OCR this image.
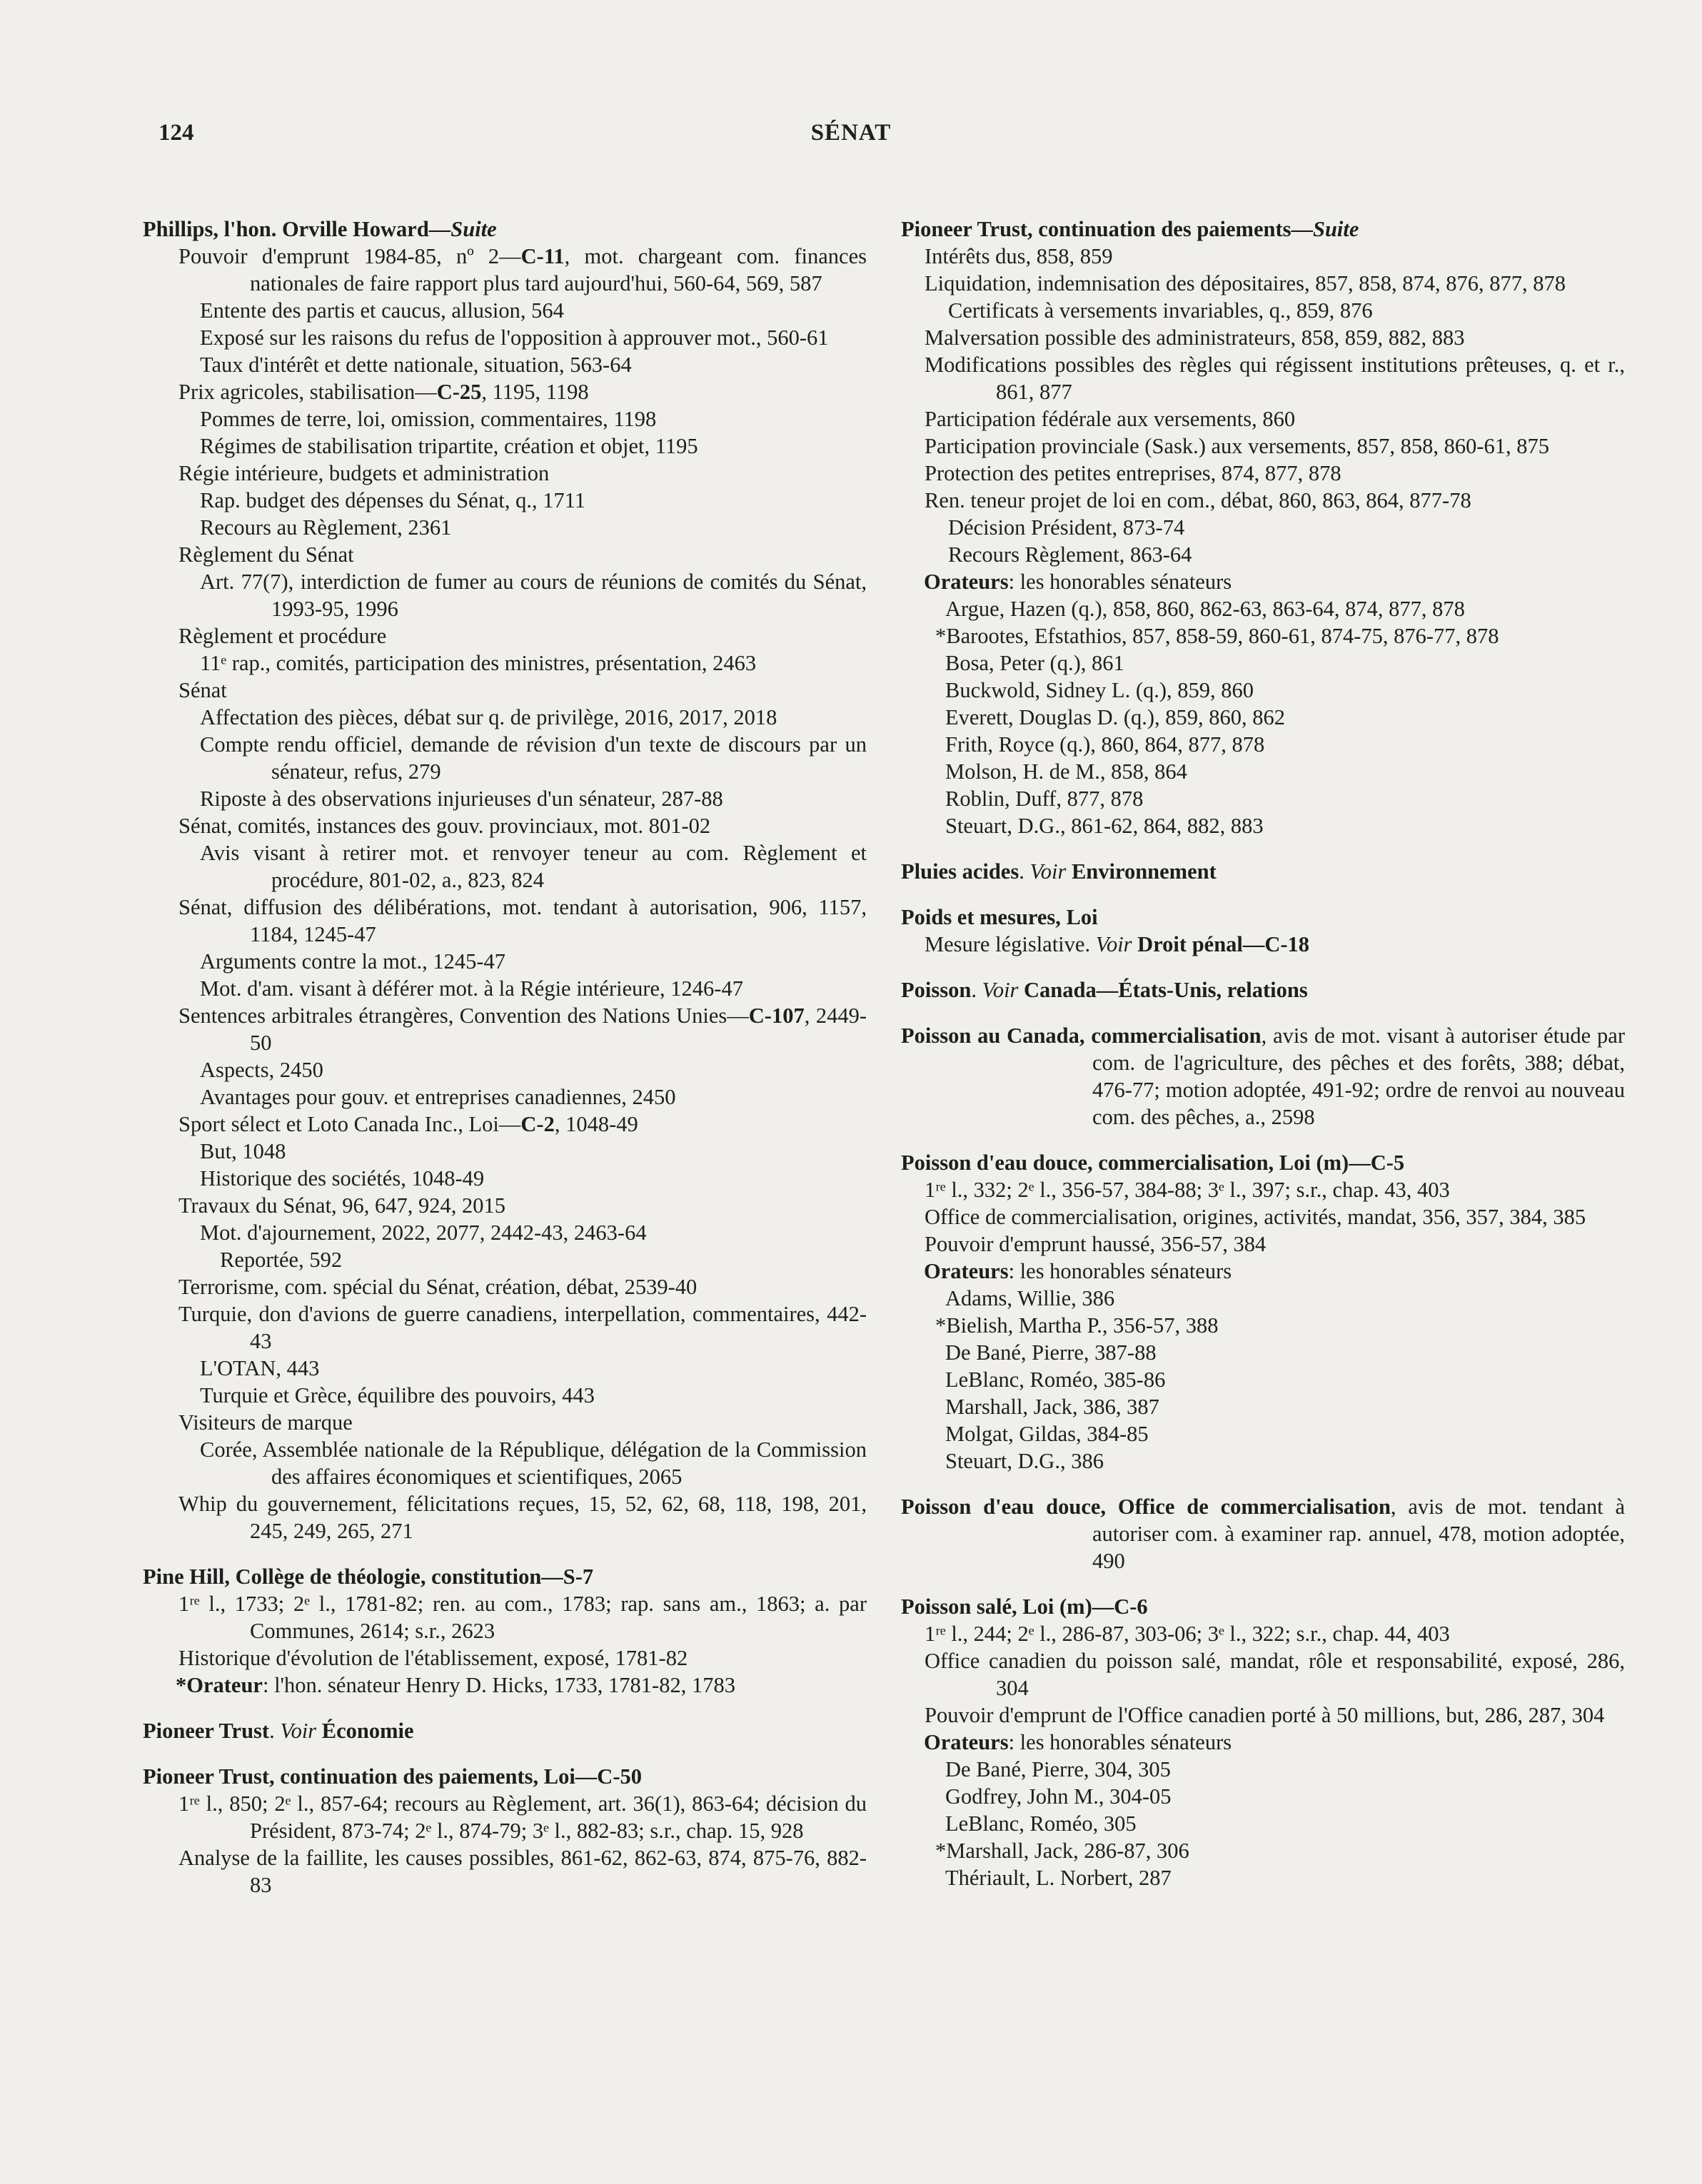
124	SÉNAT
Phillips, l'hon. Orville Howard—Suite
Pouvoir d'emprunt 1984-85, nº 2—C-11, mot. chargeant com. finances nationales de faire rapport plus tard aujourd'hui, 560-64, 569, 587
Entente des partis et caucus, allusion, 564
Exposé sur les raisons du refus de l'opposition à approuver mot., 560-61
Taux d'intérêt et dette nationale, situation, 563-64
Prix agricoles, stabilisation—C-25, 1195, 1198
Pommes de terre, loi, omission, commentaires, 1198
Régimes de stabilisation tripartite, création et objet, 1195
Régie intérieure, budgets et administration
Rap. budget des dépenses du Sénat, q., 1711
Recours au Règlement, 2361
Règlement du Sénat
Art. 77(7), interdiction de fumer au cours de réunions de comités du Sénat, 1993-95, 1996
Règlement et procédure
11ᵉ rap., comités, participation des ministres, présentation, 2463
Sénat
Affectation des pièces, débat sur q. de privilège, 2016, 2017, 2018
Compte rendu officiel, demande de révision d'un texte de discours par un sénateur, refus, 279
Riposte à des observations injurieuses d'un sénateur, 287-88
Sénat, comités, instances des gouv. provinciaux, mot. 801-02
Avis visant à retirer mot. et renvoyer teneur au com. Règlement et procédure, 801-02, a., 823, 824
Sénat, diffusion des délibérations, mot. tendant à autorisation, 906, 1157, 1184, 1245-47
Arguments contre la mot., 1245-47
Mot. d'am. visant à déférer mot. à la Régie intérieure, 1246-47
Sentences arbitrales étrangères, Convention des Nations Unies—C-107, 2449-50
Aspects, 2450
Avantages pour gouv. et entreprises canadiennes, 2450
Sport sélect et Loto Canada Inc., Loi—C-2, 1048-49
But, 1048
Historique des sociétés, 1048-49
Travaux du Sénat, 96, 647, 924, 2015
Mot. d'ajournement, 2022, 2077, 2442-43, 2463-64
Reportée, 592
Terrorisme, com. spécial du Sénat, création, débat, 2539-40
Turquie, don d'avions de guerre canadiens, interpellation, commentaires, 442-43
L'OTAN, 443
Turquie et Grèce, équilibre des pouvoirs, 443
Visiteurs de marque
Corée, Assemblée nationale de la République, délégation de la Commission des affaires économiques et scientifiques, 2065
Whip du gouvernement, félicitations reçues, 15, 52, 62, 68, 118, 198, 201, 245, 249, 265, 271
Pine Hill, Collège de théologie, constitution—S-7
1ʳᵉ l., 1733; 2ᵉ l., 1781-82; ren. au com., 1783; rap. sans am., 1863; a. par Communes, 2614; s.r., 2623
Historique d'évolution de l'établissement, exposé, 1781-82
*Orateur: l'hon. sénateur Henry D. Hicks, 1733, 1781-82, 1783
Pioneer Trust. Voir Économie
Pioneer Trust, continuation des paiements, Loi—C-50
1ʳᵉ l., 850; 2ᵉ l., 857-64; recours au Règlement, art. 36(1), 863-64; décision du Président, 873-74; 2ᵉ l., 874-79; 3ᵉ l., 882-83; s.r., chap. 15, 928
Analyse de la faillite, les causes possibles, 861-62, 862-63, 874, 875-76, 882-83
Pioneer Trust, continuation des paiements—Suite
Intérêts dus, 858, 859
Liquidation, indemnisation des dépositaires, 857, 858, 874, 876, 877, 878
Certificats à versements invariables, q., 859, 876
Malversation possible des administrateurs, 858, 859, 882, 883
Modifications possibles des règles qui régissent institutions prêteuses, q. et r., 861, 877
Participation fédérale aux versements, 860
Participation provinciale (Sask.) aux versements, 857, 858, 860-61, 875
Protection des petites entreprises, 874, 877, 878
Ren. teneur projet de loi en com., débat, 860, 863, 864, 877-78
Décision Président, 873-74
Recours Règlement, 863-64
Orateurs: les honorables sénateurs
Argue, Hazen (q.), 858, 860, 862-63, 863-64, 874, 877, 878
*Barootes, Efstathios, 857, 858-59, 860-61, 874-75, 876-77, 878
Bosa, Peter (q.), 861
Buckwold, Sidney L. (q.), 859, 860
Everett, Douglas D. (q.), 859, 860, 862
Frith, Royce (q.), 860, 864, 877, 878
Molson, H. de M., 858, 864
Roblin, Duff, 877, 878
Steuart, D.G., 861-62, 864, 882, 883
Pluies acides. Voir Environnement
Poids et mesures, Loi
Mesure législative. Voir Droit pénal—C-18
Poisson. Voir Canada—États-Unis, relations
Poisson au Canada, commercialisation, avis de mot. visant à autoriser étude par com. de l'agriculture, des pêches et des forêts, 388; débat, 476-77; motion adoptée, 491-92; ordre de renvoi au nouveau com. des pêches, a., 2598
Poisson d'eau douce, commercialisation, Loi (m)—C-5
1ʳᵉ l., 332; 2ᵉ l., 356-57, 384-88; 3ᵉ l., 397; s.r., chap. 43, 403
Office de commercialisation, origines, activités, mandat, 356, 357, 384, 385
Pouvoir d'emprunt haussé, 356-57, 384
Orateurs: les honorables sénateurs
Adams, Willie, 386
*Bielish, Martha P., 356-57, 388
De Bané, Pierre, 387-88
LeBlanc, Roméo, 385-86
Marshall, Jack, 386, 387
Molgat, Gildas, 384-85
Steuart, D.G., 386
Poisson d'eau douce, Office de commercialisation, avis de mot. tendant à autoriser com. à examiner rap. annuel, 478, motion adoptée, 490
Poisson salé, Loi (m)—C-6
1ʳᵉ l., 244; 2ᵉ l., 286-87, 303-06; 3ᵉ l., 322; s.r., chap. 44, 403
Office canadien du poisson salé, mandat, rôle et responsabilité, exposé, 286, 304
Pouvoir d'emprunt de l'Office canadien porté à 50 millions, but, 286, 287, 304
Orateurs: les honorables sénateurs
De Bané, Pierre, 304, 305
Godfrey, John M., 304-05
LeBlanc, Roméo, 305
*Marshall, Jack, 286-87, 306
Thériault, L. Norbert, 287
